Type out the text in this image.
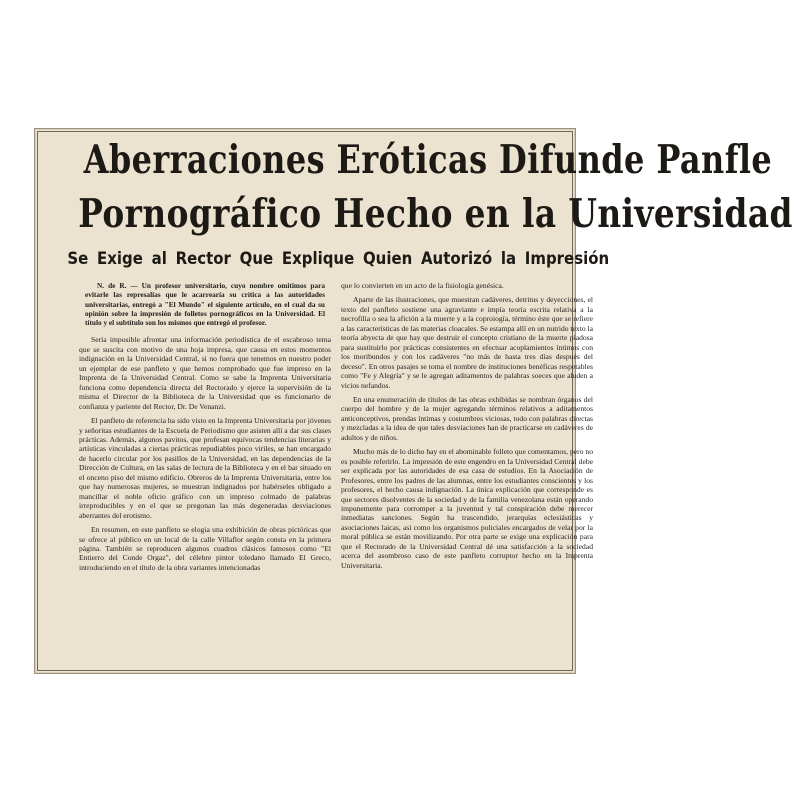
Aberraciones Eróticas Difunde Panfle
Pornográfico Hecho en la Universidad
Se Exige al Rector Que Explique Quien Autorizó la Impresión

N. de R. — Un profesor universitario, cuyo nombre omitimos para evitarle las represalias que le acarrearía su crítica a las autoridades universitarias, entregó a "El Mundo" el siguiente artículo, en el cual da su opinión sobre la impresión de folletos pornográficos en la Universidad. El título y el subtítulo son los mismos que entregó el profesor.

Sería imposible afrontar una información periodística de el escabroso tema que se suscita con motivo de una hoja impresa, que causa en estos momentos indignación en la Universidad Central, si no fuera que tenemos en nuestro poder un ejemplar de ese panfleto y que hemos comprobado que fue impreso en la Imprenta de la Universidad Central. Como se sabe la Imprenta Universitaria funciona como dependencia directa del Rectorado y ejerce la supervisión de la misma el Director de la Biblioteca de la Universidad que es funcionario de confianza y pariente del Rector, Dr. De Venanzi.

El panfleto de referencia ha sido visto en la Imprenta Universitaria por jóvenes y señoritas estudiantes de la Escuela de Periodismo que asisten allí a dar sus clases prácticas. Además, algunos pavitos, que profesan equívocas tendencias literarias y artísticas vinculadas a ciertas prácticas repudiables poco viriles, se han encargado de hacerlo circular por los pasillos de la Universidad, en las dependencias de la Dirección de Cultura, en las salas de lectura de la Biblioteca y en el bar situado en el onceno piso del mismo edificio. Obreros de la Imprenta Universitaria, entre los que hay numerosas mujeres, se muestran indignados por habérseles obligado a mancillar el noble oficio gráfico con un impreso colmado de palabras irreproducibles y en el que se pregonan las más degeneradas desviaciones aberrantes del erotismo.

En resumen, en este panfleto se elogia una exhibición de obras pictóricas que se ofrece al público en un local de la calle Villaflor según consta en la primera página. También se reproducen algunos cuadros clásicos famosos como "El Entierro del Conde Orgaz", del célebre pintor toledano llamado El Greco, introduciendo en el título de la obra variantes intencionadas

que lo convierten en un acto de la fisiología genésica.

Aparte de las ilustraciones, que muestran cadáveres, detritus y deyecciones, el texto del panfleto sostiene una agraviante e impía teoría escrita relativa a la necrofilia o sea la afición a la muerte y a la coproiogía, término éste que se refiere a las características de las materias cloacales. Se estampa allí en un nutrido texto la teoría abyecta de que hay que destruir el concepto cristiano de la muerte piadosa para sustituirlo por prácticas consistentes en efectuar acoplamientos íntimos con los moribundos y con los cadáveres "no más de hasta tres días después del deceso". En otros pasajes se toma el nombre de instituciones benéficas respetables como "Fe y Alegría" y se le agregan aditamentos de palabras soeces que aluden a vicios nefandos.

En una enumeración de títulos de las obras exhibidas se nombran órganos del cuerpo del hombre y de la mujer agregando términos relativos a aditamentos anticonceptivos, prendas íntimas y costumbres viciosas, todo con palabras directas y mezcladas a la idea de que tales desviaciones han de practicarse en cadáveres de adultos y de niños.

Mucho más de lo dicho hay en el abominable folleto que comentamos, pero no es posible referirlo. La impresión de este engendro en la Universidad Central debe ser explicada por las autoridades de esa casa de estudios. En la Asociación de Profesores, entre los padres de las alumnas, entre los estudiantes conscientes y los profesores, el hecho causa indignación. La única explicación que corresponde es que sectores disolventes de la sociedad y de la familia venezolana están operando impunemente para corromper a la juventud y tal conspiración debe merecer inmediatas sanciones. Según ha trascendido, jerarquías eclesiásticas y asociaciones laicas, así como los organismos policiales encargados de velar por la moral pública se están movilizando. Por otra parte se exige una explicación para que el Rectorado de la Universidad Central dé una satisfacción a la sociedad acerca del asombroso caso de este panfleto corruptor hecho en la Imprenta Universitaria.
